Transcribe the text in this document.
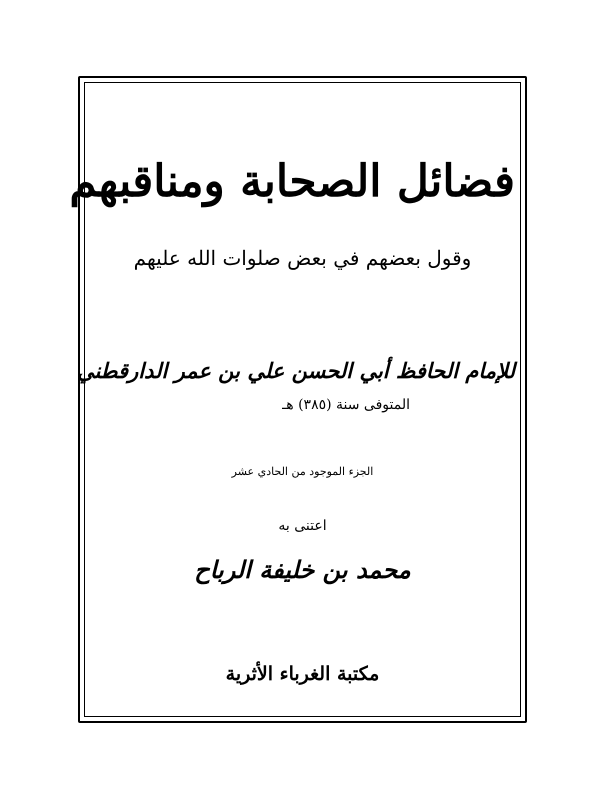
فضائل الصحابة ومناقبهم
وقول بعضهم في بعض صلوات الله عليهم
للإمام الحافظ أبي الحسن علي بن عمر الدارقطني
المتوفى سنة (٣٨٥) هـ
الجزء الموجود من الحادي عشر
اعتنى به
محمد بن خليفة الرباح
مكتبة الغرباء الأثرية
